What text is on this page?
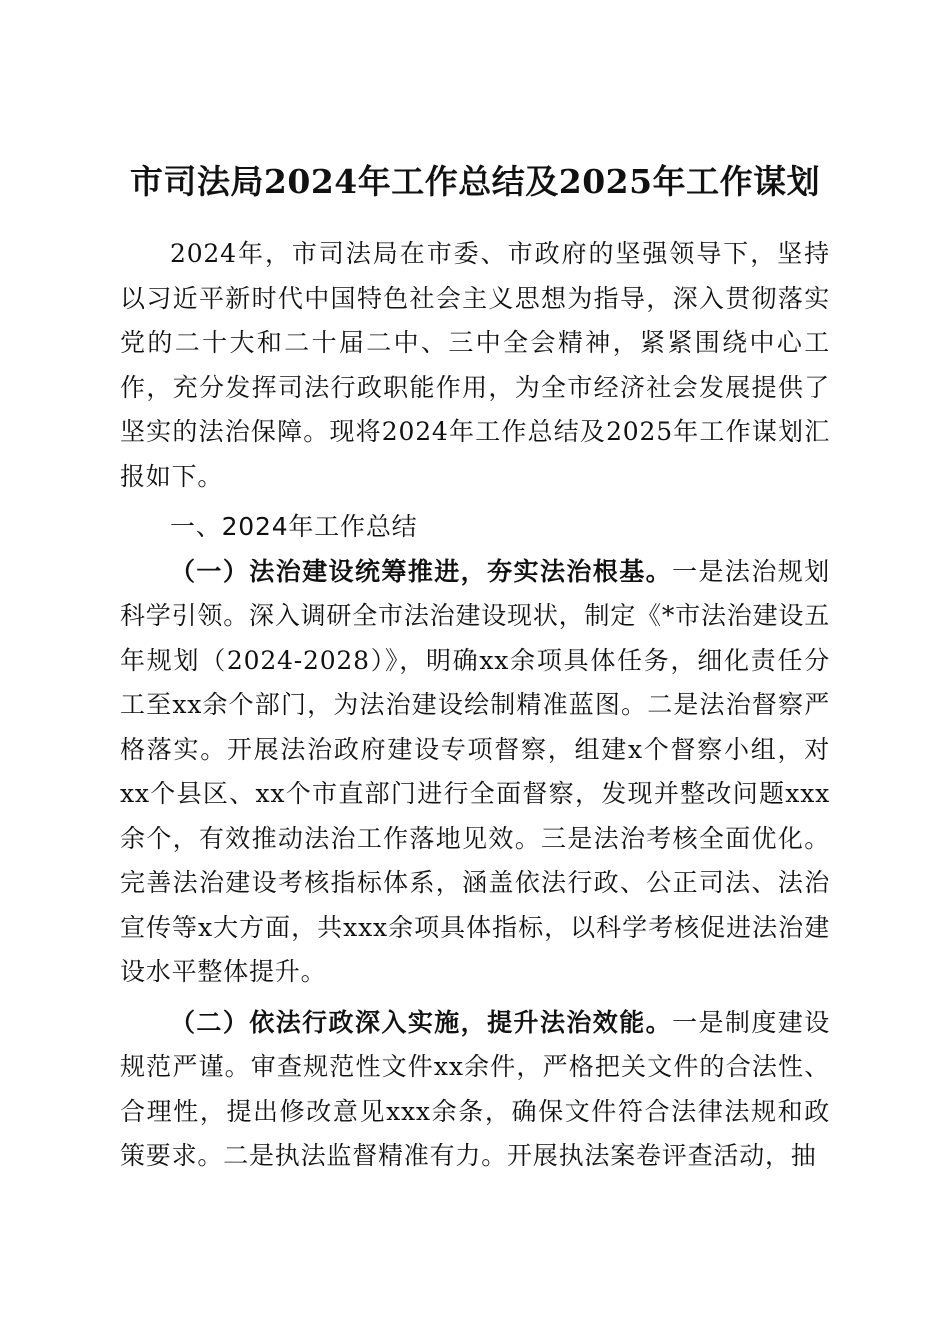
市司法局2024年工作总结及2025年工作谋划

2024年，市司法局在市委、市政府的坚强领导下，坚持以习近平新时代中国特色社会主义思想为指导，深入贯彻落实党的二十大和二十届二中、三中全会精神，紧紧围绕中心工作，充分发挥司法行政职能作用，为全市经济社会发展提供了坚实的法治保障。现将2024年工作总结及2025年工作谋划汇报如下。

一、2024年工作总结

（一）法治建设统筹推进，夯实法治根基。一是法治规划科学引领。深入调研全市法治建设现状，制定《*市法治建设五年规划（2024-2028）》，明确xx余项具体任务，细化责任分工至xx余个部门，为法治建设绘制精准蓝图。二是法治督察严格落实。开展法治政府建设专项督察，组建x个督察小组，对xx个县区、xx个市直部门进行全面督察，发现并整改问题xxx余个，有效推动法治工作落地见效。三是法治考核全面优化。完善法治建设考核指标体系，涵盖依法行政、公正司法、法治宣传等x大方面，共xxx余项具体指标，以科学考核促进法治建设水平整体提升。

（二）依法行政深入实施，提升法治效能。一是制度建设规范严谨。审查规范性文件xx余件，严格把关文件的合法性、合理性，提出修改意见xxx余条，确保文件符合法律法规和政策要求。二是执法监督精准有力。开展执法案卷评查活动，抽
